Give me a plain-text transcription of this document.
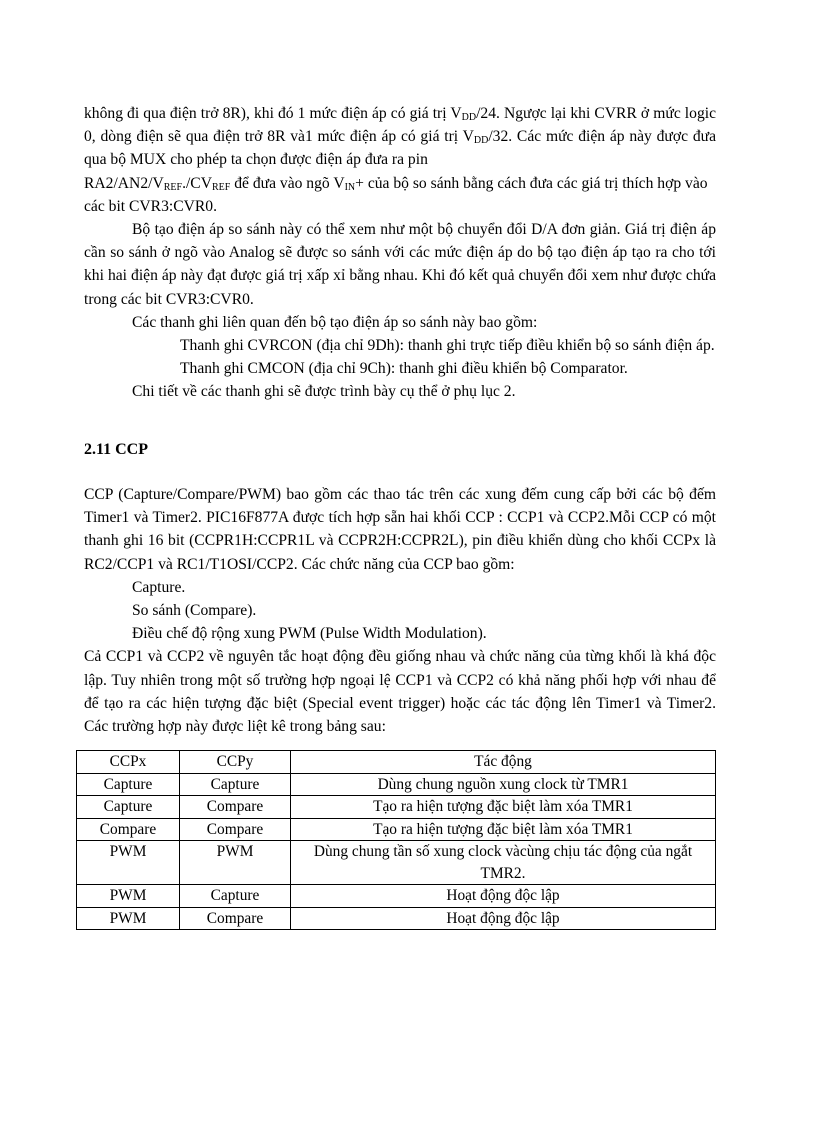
không đi qua điện trở 8R), khi đó 1 mức điện áp có giá trị $V_{DD}/24$. Ngược lại khi CVRR ở mức logic 0, dòng điện sẽ qua điện trở 8R và1 mức điện áp có giá trị $V_{DD}/32$. Các mức điện áp này được đưa qua bộ MUX cho phép ta chọn được điện áp đưa ra pin

$RA2/AN2/V_{REF}./CV_{REF}$ để đưa vào ngõ $V_{IN}+$ của bộ so sánh bằng cách đưa các giá trị thích hợp vào các bit CVR3:CVR0.

Bộ tạo điện áp so sánh này có thể xem như một bộ chuyển đổi D/A đơn giản. Giá trị điện áp cần so sánh ở ngõ vào Analog sẽ được so sánh với các mức điện áp do bộ tạo điện áp tạo ra cho tới khi hai điện áp này đạt được giá trị xấp xỉ bằng nhau. Khi đó kết quả chuyển đổi xem như được chứa trong các bit CVR3:CVR0.

Các thanh ghi liên quan đến bộ tạo điện áp so sánh này bao gồm:

Thanh ghi CVRCON (địa chỉ 9Dh): thanh ghi trực tiếp điều khiển bộ so sánh điện áp.

Thanh ghi CMCON (địa chỉ 9Ch): thanh ghi điều khiển bộ Comparator.

Chi tiết về các thanh ghi sẽ được trình bày cụ thể ở phụ lục 2.

2.11 CCP

CCP (Capture/Compare/PWM) bao gồm các thao tác trên các xung đếm cung cấp bởi các bộ đếm Timer1 và Timer2. PIC16F877A được tích hợp sẵn hai khối CCP : CCP1 và CCP2.Mỗi CCP có một thanh ghi 16 bit (CCPR1H:CCPR1L và CCPR2H:CCPR2L), pin điều khiển dùng cho khối CCPx là RC2/CCP1 và RC1/T1OSI/CCP2. Các chức năng của CCP bao gồm:

Capture.

So sánh (Compare).

Điều chế độ rộng xung PWM (Pulse Width Modulation).

Cả CCP1 và CCP2 về nguyên tắc hoạt động đều giống nhau và chức năng của từng khối là khá độc lập. Tuy nhiên trong một số trường hợp ngoại lệ CCP1 và CCP2 có khả năng phối hợp với nhau để để tạo ra các hiện tượng đặc biệt (Special event trigger) hoặc các tác động lên Timer1 và Timer2. Các trường hợp này được liệt kê trong bảng sau:

CCPx	CCPy	Tác động
Capture	Capture	Dùng chung nguồn xung clock từ TMR1
Capture	Compare	Tạo ra hiện tượng đặc biệt làm xóa TMR1
Compare	Compare	Tạo ra hiện tượng đặc biệt làm xóa TMR1
PWM	PWM	Dùng chung tần số xung clock vàcùng chịu tác động của ngắt TMR2.
PWM	Capture	Hoạt động độc lập
PWM	Compare	Hoạt động độc lập
